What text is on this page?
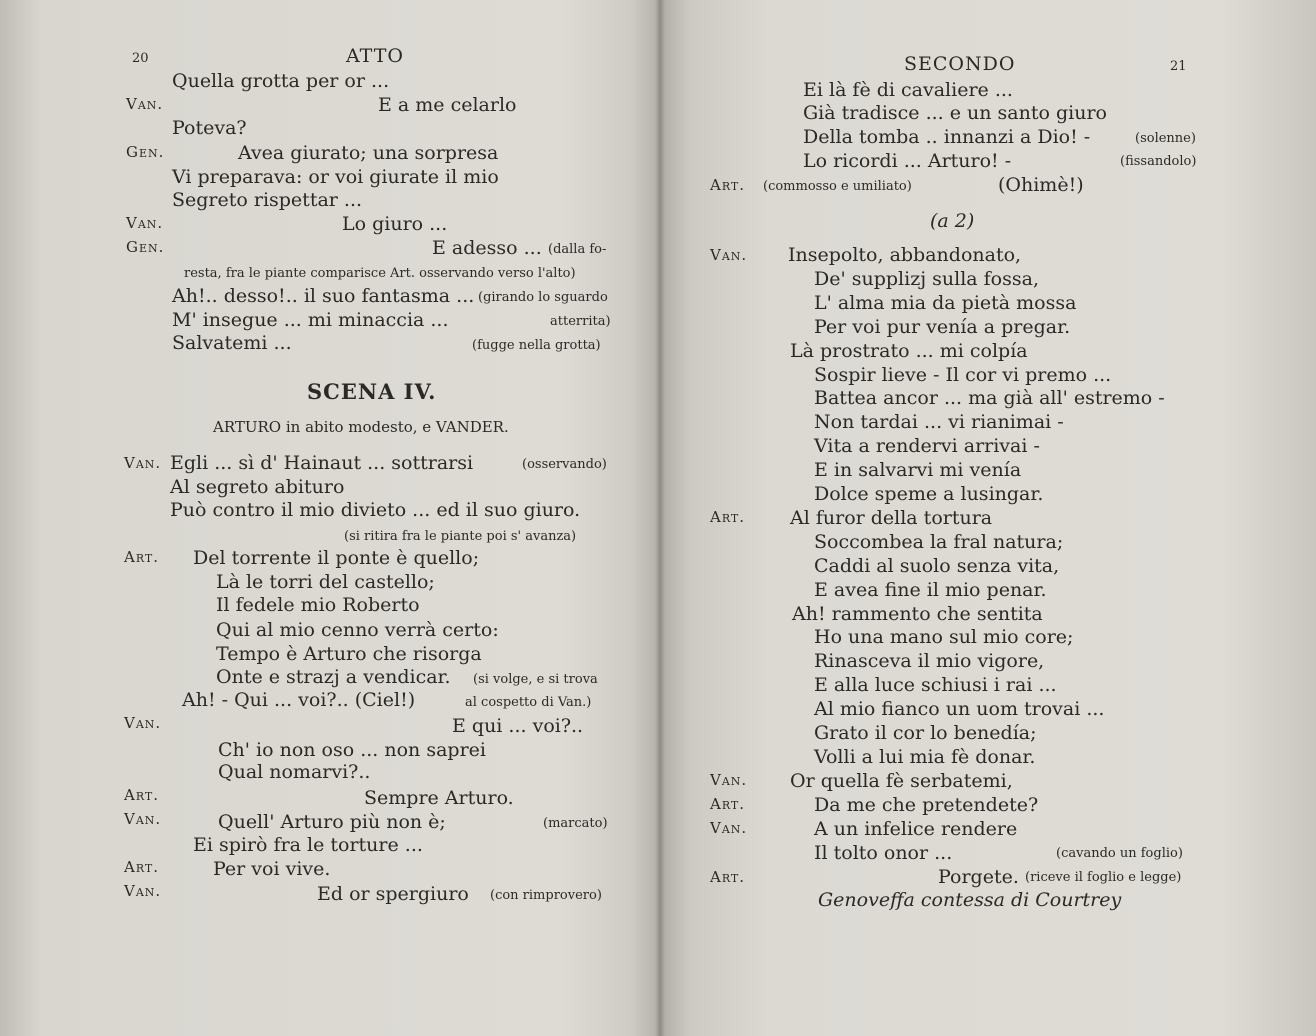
20	ATTO
Quella grotta per or ...
Van.	E a me celarlo
Poteva?
Gen.	Avea giurato; una sorpresa
Vi preparava: or voi giurate il mio
Segreto rispettar ...
Van.	Lo giuro ...
Gen.	E adesso ... (dalla fo-
resta, fra le piante comparisce Art. osservando verso l'alto)
Ah!.. desso!.. il suo fantasma ... (girando lo sguardo
M' insegue ... mi minaccia ...	atterrita)
Salvatemi ...	(fugge nella grotta)
SCENA IV.
ARTURO in abito modesto, e VANDER.
Van. Egli ... sì d' Hainaut ... sottrarsi	(osservando)
Al segreto abituro
Può contro il mio divieto ... ed il suo giuro.
(si ritira fra le piante poi s' avanza)
Art. Del torrente il ponte è quello;
Là le torri del castello;
Il fedele mio Roberto
Qui al mio cenno verrà certo:
Tempo è Arturo che risorga
Onte e strazj a vendicar. (si volge, e si trova
Ah! - Qui ... voi?.. (Ciel!)	al cospetto di Van.)
Van.	E qui ... voi?..
Ch' io non oso ... non saprei
Qual nomarvi?..
Art.	Sempre Arturo.
Van.	Quell' Arturo più non è;	(marcato)
Ei spirò fra le torture ...
Art.	Per voi vive.
Van.	Ed or spergiuro (con rimprovero)
SECONDO	21
Ei là fè di cavaliere ...
Già tradisce ... e un santo giuro
Della tomba .. innanzi a Dio! -	(solenne)
Lo ricordi ... Arturo! -	(fissandolo)
Art. (commosso e umiliato)	(Ohimè!)
(a 2)
Van. Insepolto, abbandonato,
De' supplizj sulla fossa,
L' alma mia da pietà mossa
Per voi pur venía a pregar.
Là prostrato ... mi colpía
Sospir lieve - Il cor vi premo ...
Battea ancor ... ma già all' estremo -
Non tardai ... vi rianimai -
Vita a rendervi arrivai -
E in salvarvi mi venía
Dolce speme a lusingar.
Art. Al furor della tortura
Soccombea la fral natura;
Caddi al suolo senza vita,
E avea fine il mio penar.
Ah! rammento che sentita
Ho una mano sul mio core;
Rinasceva il mio vigore,
E alla luce schiusi i rai ...
Al mio fianco un uom trovai ...
Grato il cor lo benedía;
Volli a lui mia fè donar.
Van. Or quella fè serbatemi,
Art.	Da me che pretendete?
Van.	A un infelice rendere
Il tolto onor ...	(cavando un foglio)
Art.	Porgete. (riceve il foglio e legge)
Genoveffa contessa di Courtrey
